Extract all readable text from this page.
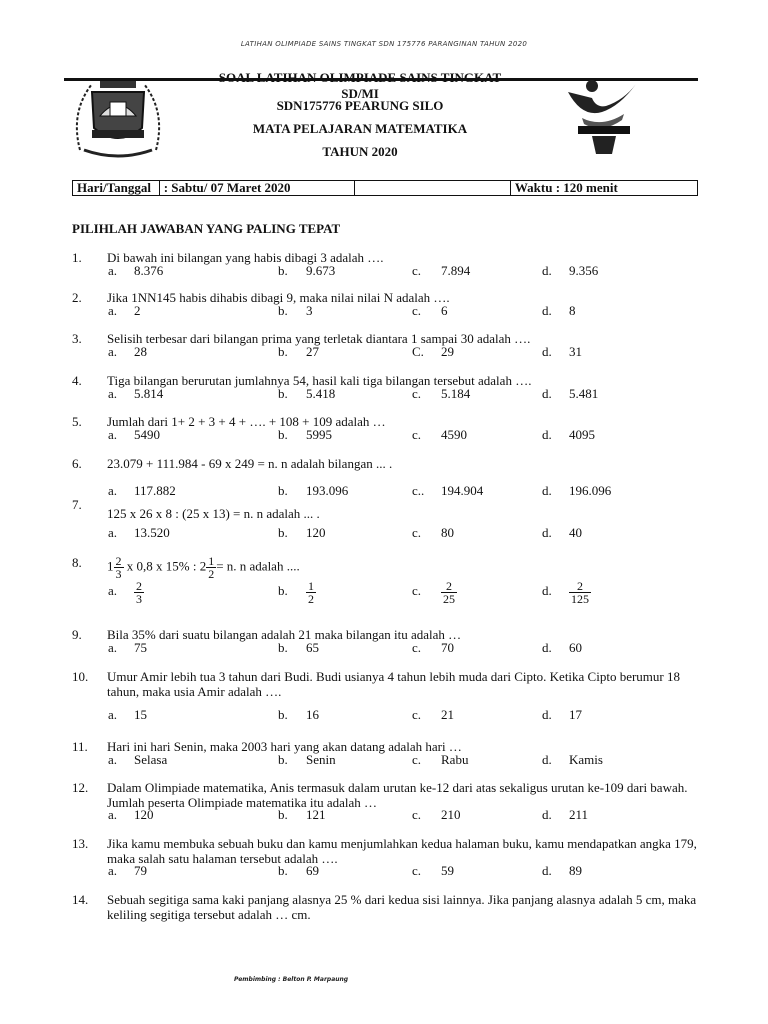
LATIHAN OLIMPIADE SAINS TINGKAT SDN 175776 PARANGINAN TAHUN 2020
SOAL LATIHAN OLIMPIADE SAINS TINGKAT
SD/MI
SDN175776 PEARUNG SILO
MATA PELAJARAN MATEMATIKA
TAHUN 2020
Hari/Tanggal	: Sabtu/ 07 Maret 2020		Waktu : 120 menit
PILIHLAH JAWABAN YANG PALING TEPAT
1. Di bawah ini bilangan yang habis dibagi 3 adalah ….
a. 8.376	b. 9.673	c. 7.894	d. 9.356
2. Jika 1NN145 habis dihabis dibagi 9, maka nilai nilai N adalah ….
a. 2	b. 3	c. 6	d. 8
3. Selisih terbesar dari bilangan prima yang terletak diantara 1 sampai 30 adalah ….
a. 28	b. 27	C. 29	d. 31
4. Tiga bilangan berurutan jumlahnya 54, hasil kali tiga bilangan tersebut adalah ….
a. 5.814	b. 5.418	c. 5.184	d. 5.481
5. Jumlah dari 1+ 2 + 3 + 4 + …. + 108 + 109 adalah …
a. 5490	b. 5995	c. 4590	d. 4095
6. 23.079 + 111.984 - 69 x 249 = n. n adalah bilangan ... .
a. 117.882	b. 193.096	c.. 194.904	d. 196.096
7.
125 x 26 x 8 : (25 x 13) = n. n adalah ... .
a. 13.520	b. 120	c. 80	d. 40
8. $1 \frac{2}{3}$ x 0,8 x 15% : $2 \frac{1}{2} = n$. n adalah ....
a. $\frac{2}{3}$	b. $\frac{1}{2}$	c. $\frac{2}{25}$	d. $\frac{2}{125}$
9. Bila 35% dari suatu bilangan adalah 21 maka bilangan itu adalah …
a. 75	b. 65	c. 70	d. 60
10. Umur Amir lebih tua 3 tahun dari Budi. Budi usianya 4 tahun lebih muda dari Cipto. Ketika Cipto berumur 18 tahun, maka usia Amir adalah ….
a. 15	b. 16	c. 21	d. 17
11. Hari ini hari Senin, maka 2003 hari yang akan datang adalah hari …
a. Selasa	b. Senin	c. Rabu	d. Kamis
12. Dalam Olimpiade matematika, Anis termasuk dalam urutan ke-12 dari atas sekaligus urutan ke-109 dari bawah. Jumlah peserta Olimpiade matematika itu adalah …
a. 120	b. 121	c. 210	d. 211
13. Jika kamu membuka sebuah buku dan kamu menjumlahkan kedua halaman buku, kamu mendapatkan angka 179, maka salah satu halaman tersebut adalah ….
a. 79	b. 69	c. 59	d. 89
14. Sebuah segitiga sama kaki panjang alasnya 25 % dari kedua sisi lainnya. Jika panjang alasnya adalah 5 cm, maka keliling segitiga tersebut adalah … cm.
Pembimbing : Belton P. Marpaung
